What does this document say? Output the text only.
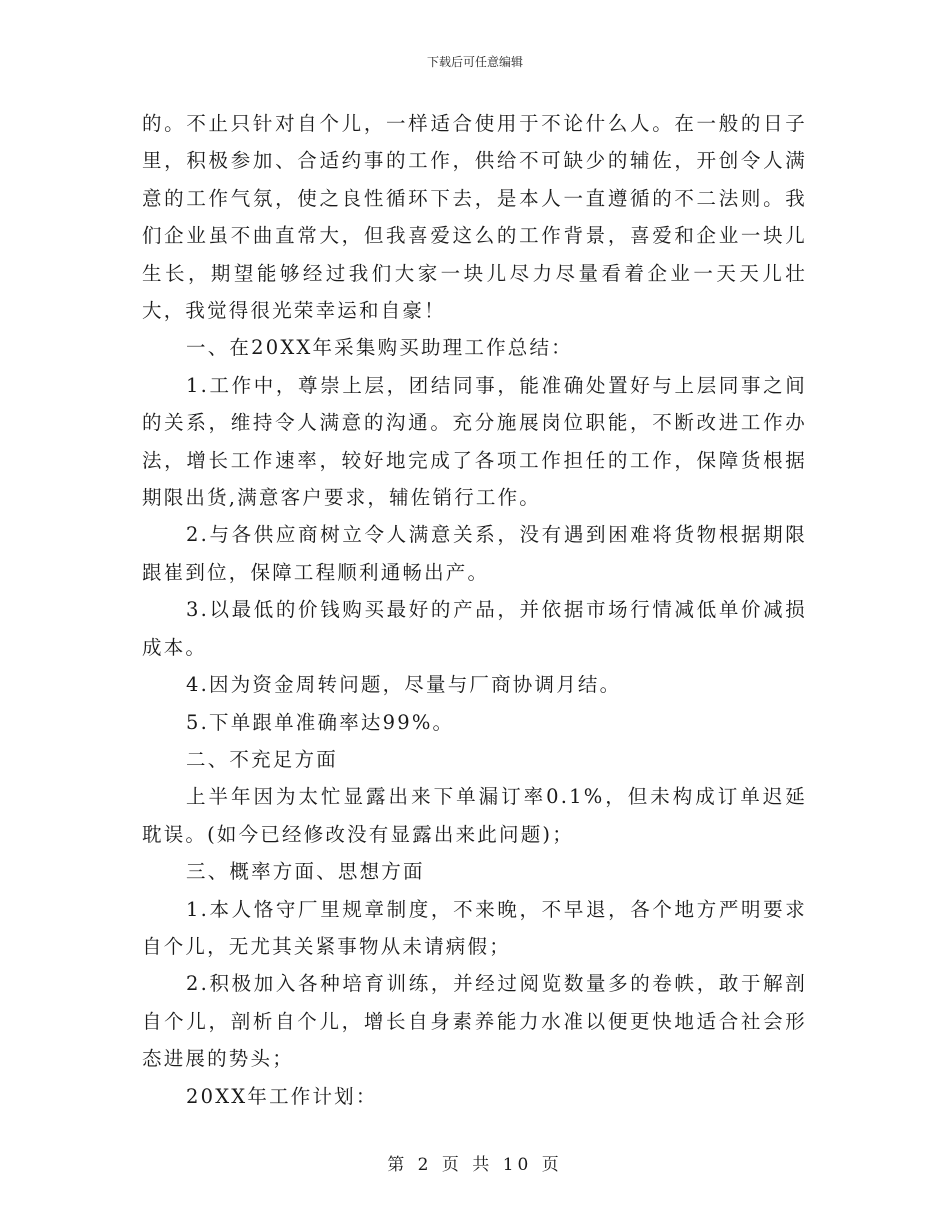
下载后可任意编辑

的。不止只针对自个儿，一样适合使用于不论什么人。在一般的日子里，积极参加、合适约事的工作，供给不可缺少的辅佐，开创令人满意的工作气氛，使之良性循环下去，是本人一直遵循的不二法则。我们企业虽不曲直常大，但我喜爱这么的工作背景，喜爱和企业一块儿生长，期望能够经过我们大家一块儿尽力尽量看着企业一天天儿壮大，我觉得很光荣幸运和自豪！

一、在20XX年采集购买助理工作总结：

1.工作中，尊崇上层，团结同事，能准确处置好与上层同事之间的关系，维持令人满意的沟通。充分施展岗位职能，不断改进工作办法，增长工作速率，较好地完成了各项工作担任的工作，保障货根据期限出货,满意客户要求，辅佐销行工作。

2.与各供应商树立令人满意关系，没有遇到困难将货物根据期限跟崔到位，保障工程顺利通畅出产。

3.以最低的价钱购买最好的产品，并依据市场行情减低单价减损成本。

4.因为资金周转问题，尽量与厂商协调月结。

5.下单跟单准确率达99%。

二、不充足方面

上半年因为太忙显露出来下单漏订率0.1%，但未构成订单迟延耽误。(如今已经修改没有显露出来此问题)；

三、概率方面、思想方面

1.本人恪守厂里规章制度，不来晚，不早退，各个地方严明要求自个儿，无尤其关紧事物从未请病假；

2.积极加入各种培育训练，并经过阅览数量多的卷帙，敢于解剖自个儿，剖析自个儿，增长自身素养能力水准以便更快地适合社会形态进展的势头；

20XX年工作计划：

第 2 页 共 10 页
